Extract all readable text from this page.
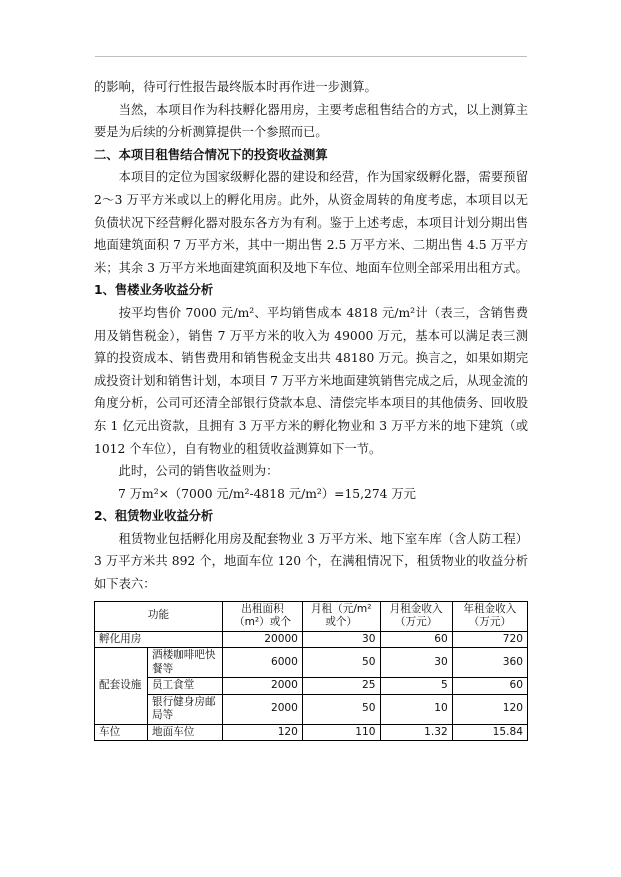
的影响，待可行性报告最终版本时再作进一步测算。

当然，本项目作为科技孵化器用房，主要考虑租售结合的方式，以上测算主要是为后续的分析测算提供一个参照而已。

二、本项目租售结合情况下的投资收益测算

本项目的定位为国家级孵化器的建设和经营，作为国家级孵化器，需要预留 2～3 万平方米或以上的孵化用房。此外，从资金周转的角度考虑，本项目以无负债状况下经营孵化器对股东各方为有利。鉴于上述考虑，本项目计划分期出售地面建筑面积 7 万平方米，其中一期出售 2.5 万平方米、二期出售 4.5 万平方米；其余 3 万平方米地面建筑面积及地下车位、地面车位则全部采用出租方式。

1、售楼业务收益分析

按平均售价 7000 元/m²、平均销售成本 4818 元/m²计（表三，含销售费用及销售税金），销售 7 万平方米的收入为 49000 万元，基本可以满足表三测算的投资成本、销售费用和销售税金支出共 48180 万元。换言之，如果如期完成投资计划和销售计划，本项目 7 万平方米地面建筑销售完成之后，从现金流的角度分析，公司可还清全部银行贷款本息、清偿完毕本项目的其他债务、回收股东 1 亿元出资款，且拥有 3 万平方米的孵化物业和 3 万平方米的地下建筑（或 1012 个车位），自有物业的租赁收益测算如下一节。

此时，公司的销售收益则为：

7 万m²×（7000 元/m²-4818 元/m²）=15,274 万元

2、租赁物业收益分析

租赁物业包括孵化用房及配套物业 3 万平方米、地下室车库（含人防工程）3 万平方米共 892 个，地面车位 120 个，在满租情况下，租赁物业的收益分析如下表六：

功能		出租面积（m²）或个	月租（元/m²或个）	月租金收入（万元）	年租金收入（万元）
孵化用房		20000	30	60	720
配套设施	酒楼咖啡吧快餐等	6000	50	30	360
	员工食堂	2000	25	5	60
	银行健身房邮局等	2000	50	10	120
车位	地面车位	120	110	1.32	15.84
